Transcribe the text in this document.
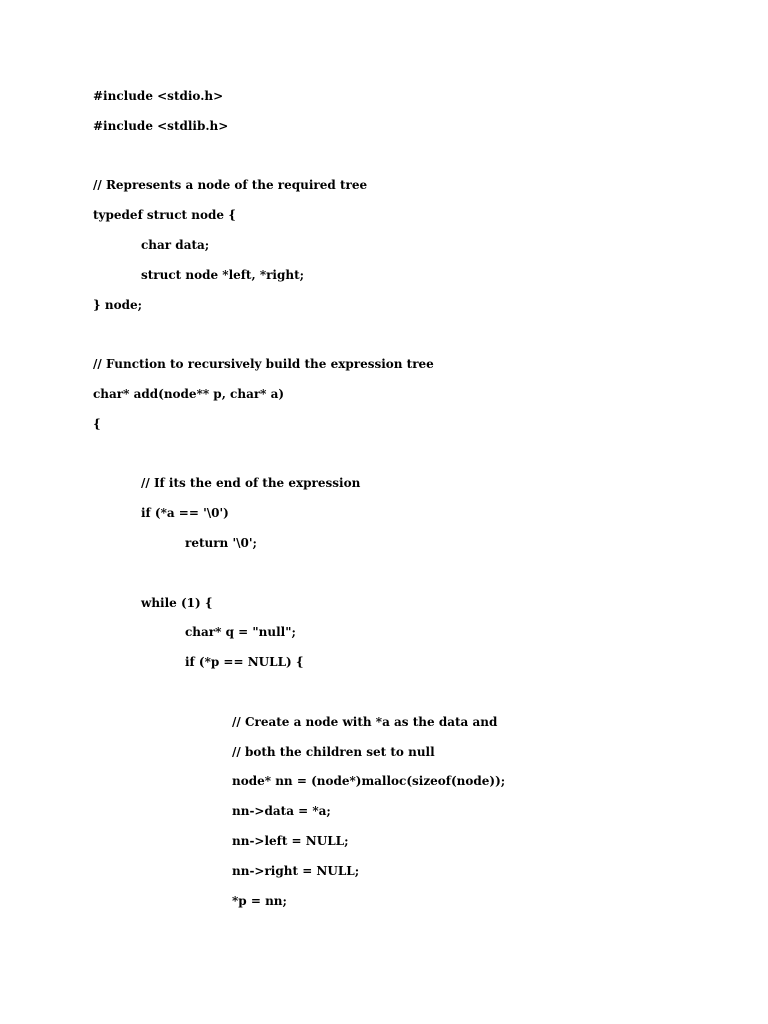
#include <stdio.h>
#include <stdlib.h>
// Represents a node of the required tree
typedef struct node {
char data;
struct node *left, *right;
} node;
// Function to recursively build the expression tree
char* add(node** p, char* a)
{
// If its the end of the expression
if (*a == '\0')
return '\0';
while (1) {
char* q = "null";
if (*p == NULL) {
// Create a node with *a as the data and
// both the children set to null
node* nn = (node*)malloc(sizeof(node));
nn->data = *a;
nn->left = NULL;
nn->right = NULL;
*p = nn;
